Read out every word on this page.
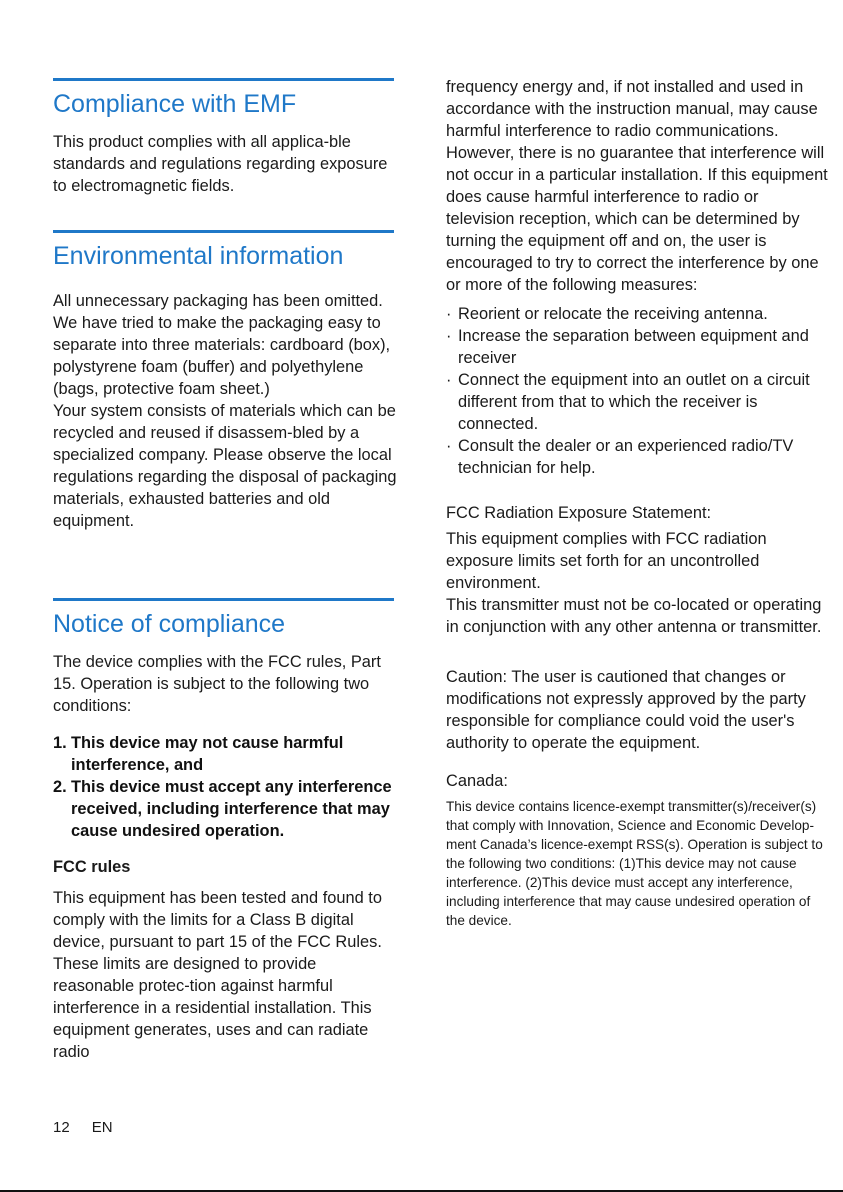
Compliance with EMF

This product complies with all applica-ble standards and regulations regarding exposure to electromagnetic fields.

Environmental information

All unnecessary packaging has been omitted. We have tried to make the packaging easy to separate into three materials: cardboard (box), polystyrene foam (buffer) and polyethylene (bags, protective foam sheet.)

Your system consists of materials which can be recycled and reused if disassem-bled by a specialized company. Please observe the local regulations regarding the disposal of packaging materials, exhausted batteries and old equipment.

Notice of compliance

The device complies with the FCC rules, Part 15. Operation is subject to the following two conditions:

1. This device may not cause harmful interference, and
2. This device must accept any interference received, including interference that may cause undesired operation.

FCC rules

This equipment has been tested and found to comply with the limits for a Class B digital device, pursuant to part 15 of the FCC Rules. These limits are designed to provide reasonable protec-tion against harmful interference in a residential installation. This equipment generates, uses and can radiate radio

frequency energy and, if not installed and used in accordance with the instruction manual, may cause harmful interference to radio communications. However, there is no guarantee that interference will not occur in a particular installation. If this equipment does cause harmful interference to radio or television reception, which can be determined by turning the equipment off and on, the user is encouraged to try to correct the interference by one or more of the following measures:

· Reorient or relocate the receiving antenna.
· Increase the separation between equipment and receiver
· Connect the equipment into an outlet on a circuit different from that to which the receiver is connected.
· Consult the dealer or an experienced radio/TV technician for help.

FCC Radiation Exposure Statement:

This equipment complies with FCC radiation exposure limits set forth for an uncontrolled environment.

This transmitter must not be co-located or operating in conjunction with any other antenna or transmitter.

Caution: The user is cautioned that changes or modifications not expressly approved by the party responsible for compliance could void the user's authority to operate the equipment.

Canada:

This device contains licence-exempt transmitter(s)/receiver(s) that comply with Innovation, Science and Economic Develop-ment Canada’s licence-exempt RSS(s). Operation is subject to the following two conditions: (1)This device may not cause interference. (2)This device must accept any interference, including interference that may cause undesired operation of the device.

12 EN
